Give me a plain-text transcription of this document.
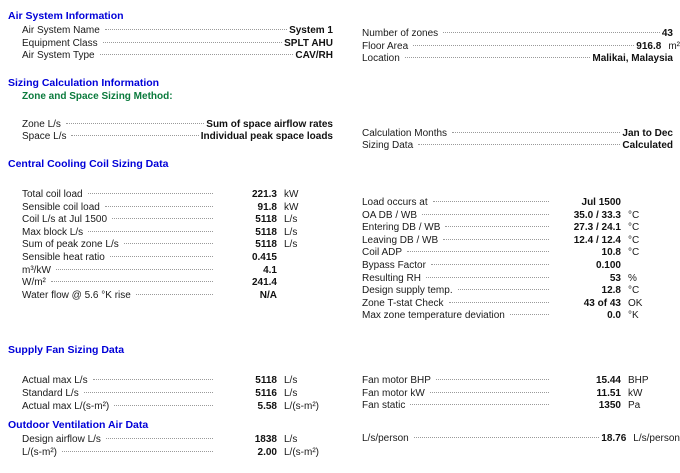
Air System Information
Air System Name	System 1
Equipment Class	SPLT AHU
Air System Type	CAV/RH
Sizing Calculation Information
Zone and Space Sizing Method:
Zone L/s	Sum of space airflow rates
Space L/s	Individual peak space loads
Central Cooling Coil Sizing Data
Total coil load	221.3 kW
Sensible coil load	91.8 kW
Coil L/s at Jul 1500	5118 L/s
Max block L/s	5118 L/s
Sum of peak zone L/s	5118 L/s
Sensible heat ratio	0.415
m³/kW	4.1
W/m²	241.4
Water flow @ 5.6 °K rise	N/A
Supply Fan Sizing Data
Actual max L/s	5118 L/s
Standard L/s	5116 L/s
Actual max L/(s-m²)	5.58 L/(s-m²)
Outdoor Ventilation Air Data
Design airflow L/s	1838 L/s
L/(s-m²)	2.00 L/(s-m²)
Number of zones	43
Floor Area	916.8 m²
Location	Malikai, Malaysia
Calculation Months	Jan to Dec
Sizing Data	Calculated
Load occurs at	Jul 1500
OA DB / WB	35.0 / 33.3 °C
Entering DB / WB	27.3 / 24.1 °C
Leaving DB / WB	12.4 / 12.4 °C
Coil ADP	10.8 °C
Bypass Factor	0.100
Resulting RH	53 %
Design supply temp.	12.8 °C
Zone T-stat Check	43 of 43 OK
Max zone temperature deviation	0.0 °K
Fan motor BHP	15.44 BHP
Fan motor kW	11.51 kW
Fan static	1350 Pa
L/s/person	18.76 L/s/person
